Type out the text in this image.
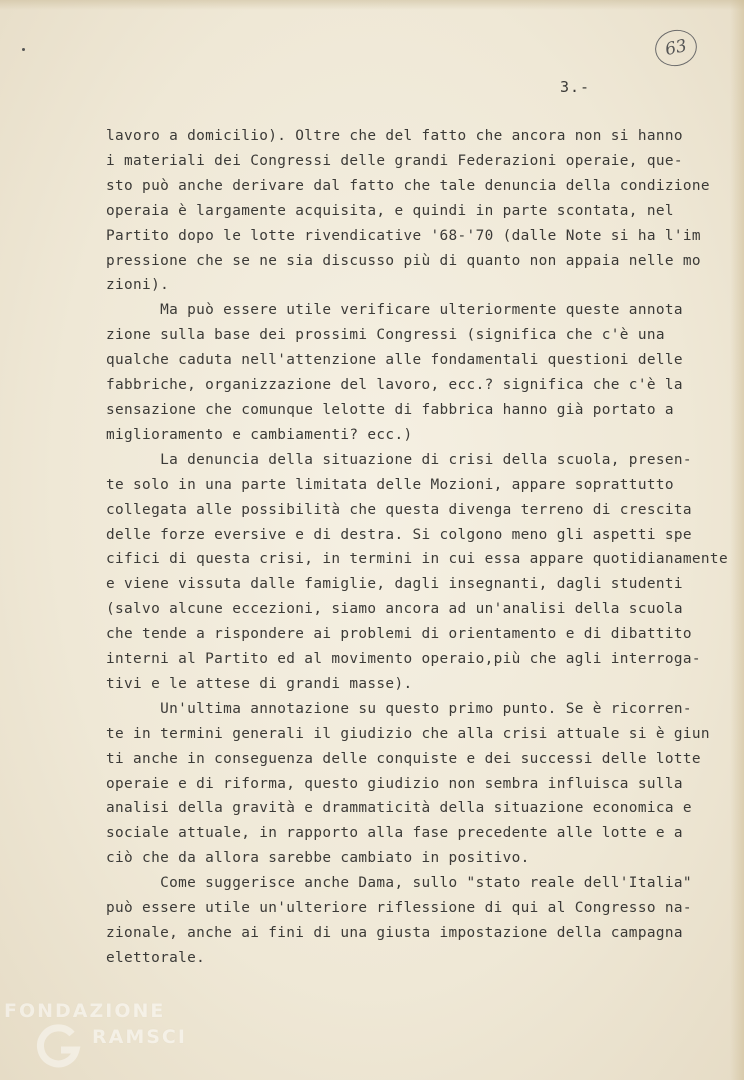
63
3.-
lavoro a domicilio). Oltre che del fatto che ancora non si hanno
i materiali dei Congressi delle grandi Federazioni operaie, que-
sto può anche derivare dal fatto che tale denuncia della condizione
operaia è largamente acquisita, e quindi in parte scontata, nel
Partito dopo le lotte rivendicative '68-'70 (dalle Note si ha l'im
pressione che se ne sia discusso più di quanto non appaia nelle mo
zioni).
Ma può essere utile verificare ulteriormente queste annota
zione sulla base dei prossimi Congressi (significa che c'è una
qualche caduta nell'attenzione alle fondamentali questioni delle
fabbriche, organizzazione del lavoro, ecc.? significa che c'è la
sensazione che comunque lelotte di fabbrica hanno già portato a
miglioramento e cambiamenti? ecc.)
La denuncia della situazione di crisi della scuola, presen-
te solo in una parte limitata delle Mozioni, appare soprattutto
collegata alle possibilità che questa divenga terreno di crescita
delle forze eversive e di destra. Si colgono meno gli aspetti spe
cifici di questa crisi, in termini in cui essa appare quotidianamente
e viene vissuta dalle famiglie, dagli insegnanti, dagli studenti
(salvo alcune eccezioni, siamo ancora ad un'analisi della scuola
che tende a rispondere ai problemi di orientamento e di dibattito
interni al Partito ed al movimento operaio,più che agli interroga-
tivi e le attese di grandi masse).
Un'ultima annotazione su questo primo punto. Se è ricorren-
te in termini generali il giudizio che alla crisi attuale si è giun
ti anche in conseguenza delle conquiste e dei successi delle lotte
operaie e di riforma, questo giudizio non sembra influisca sulla
analisi della gravità e drammaticità della situazione economica e
sociale attuale, in rapporto alla fase precedente alle lotte e a
ciò che da allora sarebbe cambiato in positivo.
Come suggerisce anche Dama, sullo "stato reale dell'Italia"
può essere utile un'ulteriore riflessione di qui al Congresso na-
zionale, anche ai fini di una giusta impostazione della campagna
elettorale.
FONDAZIONE
RAMSCI
